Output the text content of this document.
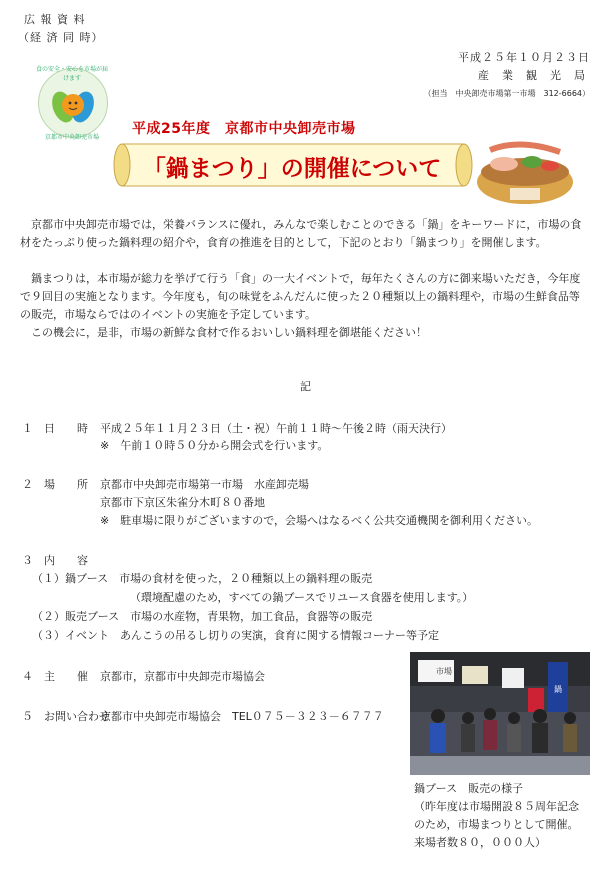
広 報 資 料
（経 済 同 時）
平成２５年１０月２３日
産　業　観　光　局
（担当　中央卸売市場第一市場　312-6664）
食の安全・安心を市場が届けます
京都市中央卸売市場
平成25年度　京都市中央卸売市場
「鍋まつり」の開催について
　京都市中央卸売市場では，栄養バランスに優れ，みんなで楽しむことのできる「鍋」をキーワードに，市場の食材をたっぷり使った鍋料理の紹介や，食育の推進を目的として，下記のとおり「鍋まつり」を開催します。
　鍋まつりは，本市場が総力を挙げて行う「食」の一大イベントで，毎年たくさんの方に御来場いただき，今年度で９回目の実施となります。今年度も，旬の味覚をふんだんに使った２０種類以上の鍋料理や，市場の生鮮食品等の販売，市場ならではのイベントの実施を予定しています。
　この機会に，是非，市場の新鮮な食材で作るおいしい鍋料理を御堪能ください！
記
１　日　　時 平成２５年１１月２３日（土・祝）午前１１時～午後２時（雨天決行）
※　午前１０時５０分から開会式を行います。
２　場　　所 京都市中央卸売市場第一市場　水産卸売場
京都市下京区朱雀分木町８０番地
※　駐車場に限りがございますので，会場へはなるべく公共交通機関を御利用ください。
３　内　　容
（１）鍋ブース　市場の食材を使った，２０種類以上の鍋料理の販売
（環境配慮のため，すべての鍋ブースでリユース食器を使用します。）
（２）販売ブース　市場の水産物，青果物，加工食品，食器等の販売
（３）イベント　あんこうの吊るし切りの実演，食育に関する情報コーナー等予定
４　主　　催 京都市，京都市中央卸売市場協会
５　お問い合わせ
京都市中央卸売市場協会　TEL０７５－３２３－６７７７
市場
鍋
鍋ブース　販売の様子
（昨年度は市場開設８５周年記念
のため，市場まつりとして開催。
来場者数８０，０００人）
